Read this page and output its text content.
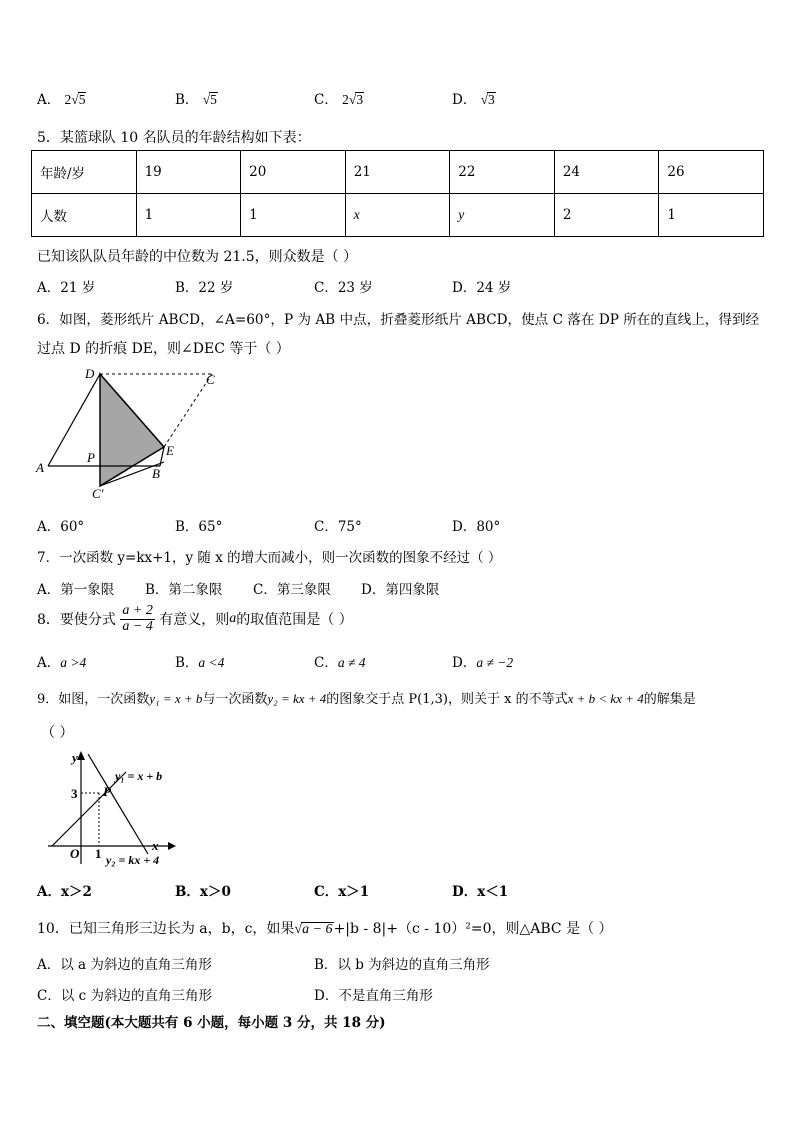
A． 2√5	B． √5	C． 2√3	D． √3
5．某篮球队 10 名队员的年龄结构如下表：
年龄/岁	19	20	21	22	24	26
人数	1	1	x	y	2	1
已知该队队员年龄的中位数为 21.5，则众数是（ ）
A．21 岁	B．22 岁	C．23 岁	D．24 岁
6．如图，菱形纸片 ABCD，∠A=60°，P 为 AB 中点，折叠菱形纸片 ABCD，使点 C 落在 DP 所在的直线上，得到经
过点 D 的折痕 DE，则∠DEC 等于（ ）
D	C
P	E
A	B
C′
A．60°	B．65°	C．75°	D．80°
7．一次函数 y=kx+1，y 随 x 的增大而减小，则一次函数的图象不经过（ ）
A．第一象限 B．第二象限 C．第三象限 D．第四象限
8．要使分式 $\frac{a + 2}{a - 4}$ 有意义，则a的取值范围是（ ）
A．a >4	B．a <4	C．a ≠ 4	D．a ≠ −2
9．如图，一次函数y₁ = x + b与一次函数y₂ = kx + 4的图象交于点 P(1,3)，则关于 x 的不等式x + b < kx + 4的解集是
（ ）
y
x
O 1
3 P
y₁ = x + b
y₂ = kx + 4
A．x＞2	B．x＞0	C．x＞1	D．x＜1
10．已知三角形三边长为 a，b，c，如果√a − 6+|b - 8|+（c - 10）²=0，则△ABC 是（ ）
A．以 a 为斜边的直角三角形	B．以 b 为斜边的直角三角形
C．以 c 为斜边的直角三角形	D．不是直角三角形
二、填空题(本大题共有 6 小题，每小题 3 分，共 18 分)
